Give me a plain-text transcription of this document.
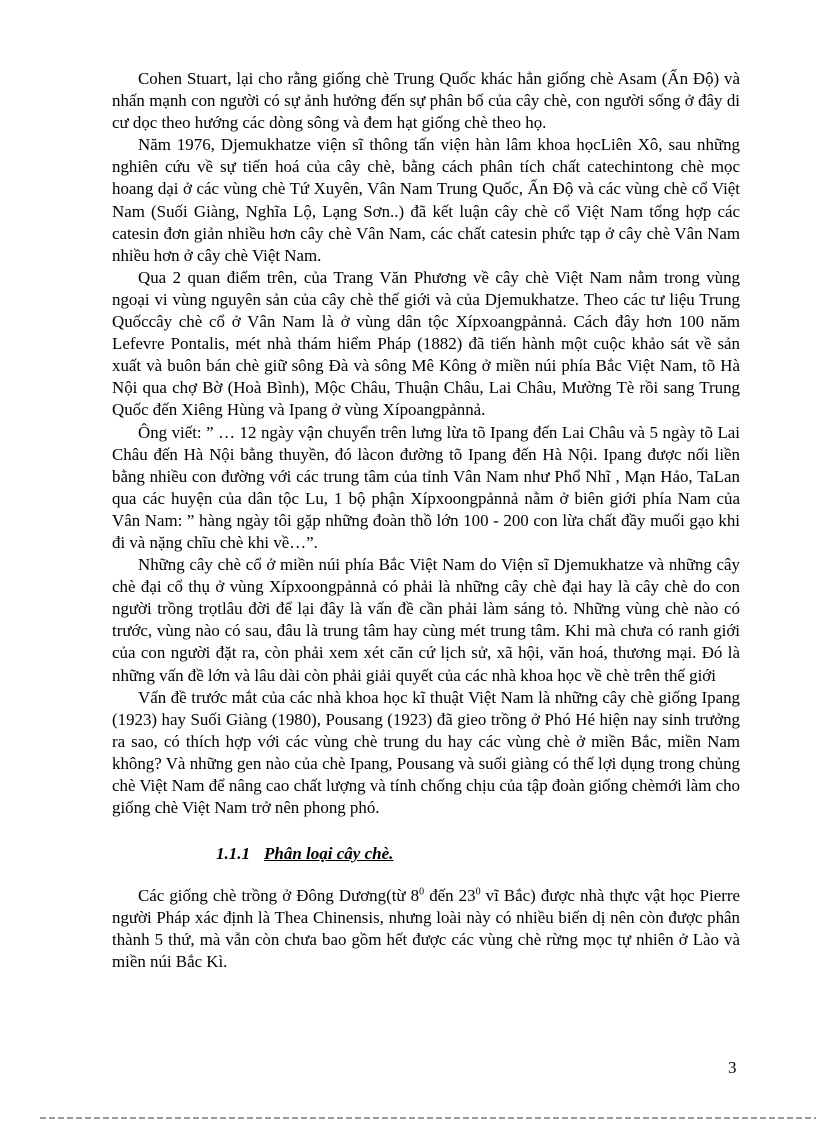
Cohen Stuart, lại cho rằng giống chè Trung Quốc khác hẳn giống chè Asam (Ấn Độ) và nhấn mạnh con người có sự ảnh hưởng đến sự phân bố của cây chè, con người sống ở đây di cư dọc theo hướng các dòng sông và đem hạt giống chè theo họ.

Năm 1976, Djemukhatze viện sĩ thông tấn viện hàn lâm khoa họcLiên Xô, sau những nghiên cứu về sự tiến hoá của cây chè, bằng cách phân tích chất catechintong chè mọc hoang dại ở các vùng chè Tứ Xuyên, Vân Nam Trung Quốc, Ấn Độ và các vùng chè cổ Việt Nam (Suối Giàng, Nghĩa Lộ, Lạng Sơn..) đã kết luận cây chè cổ Việt Nam tổng hợp các catesin đơn giản nhiều hơn cây chè Vân Nam, các chất catesin phức tạp ở cây chè Vân Nam nhiều hơn ở cây chè Việt Nam.

Qua 2 quan điểm trên, của Trang Văn Phương về cây chè Việt Nam nằm trong vùng ngoại vi vùng nguyên sản của cây chè thế giới và của Djemukhatze. Theo các tư liệu Trung Quốccây chè cổ ở Vân Nam là ở vùng dân tộc Xípxoangpảnnả. Cách đây hơn 100 năm Lefevre Pontalis, mét nhà thám hiểm Pháp (1882) đã tiến hành một cuộc khảo sát về sản xuất và buôn bán chè giữ sông Đà và sông Mê Kông ở miền núi phía Bắc Việt Nam, tõ Hà Nội qua chợ Bờ (Hoà Bình), Mộc Châu, Thuận Châu, Lai Châu, Mường Tè rồi sang Trung Quốc đến Xiêng Hùng và Ipang ở vùng Xípoangpảnnả.

Ông viết: ” … 12 ngày vận chuyển trên lưng lừa tõ Ipang đến Lai Châu và 5 ngày tõ Lai Châu đến Hà Nội bằng thuyền, đó làcon đường tõ Ipang đến Hà Nội. Ipang được nối liền bằng nhiều con đường với các trung tâm của tỉnh Vân Nam như Phổ Nhĩ , Mạn Hảo, TaLan qua các huyện của dân tộc Lu, 1 bộ phận Xípxoongpảnnả nằm ở biên giới phía Nam của Vân Nam: ” hàng ngày tôi gặp những đoàn thồ lớn 100 - 200 con lừa chất đầy muối gạo khi đi và nặng chĩu chè khi về…”.

Những cây chè cổ ở miền núi phía Bắc Việt Nam do Viện sĩ Djemukhatze và những cây chè đại cổ thụ ở vùng Xípxoongpảnnả có phải là những cây chè đại hay là cây chè do con người trồng trọtlâu đời để lại đây là vấn đề cần phải làm sáng tỏ. Những vùng chè nào có trước, vùng nào có sau, đâu là trung tâm hay cùng mét trung tâm. Khi mà chưa có ranh giới của con người đặt ra, còn phải xem xét căn cứ lịch sử, xã hội, văn hoá, thương mại. Đó là những vấn đề lớn và lâu dài còn phải giải quyết của các nhà khoa học về chè trên thế giới

Vấn đề trước mắt của các nhà khoa học kĩ thuật Việt Nam là những cây chè giống Ipang (1923) hay Suối Giàng (1980), Pousang (1923) đã gieo trồng ở Phó Hé hiện nay sinh trưởng ra sao, có thích hợp với các vùng chè trung du hay các vùng chè ở miền Bắc, miền Nam không? Và những gen nào của chè Ipang, Pousang và suối giàng có thể lợi dụng trong chủng chè Việt Nam để nâng cao chất lượng và tính chống chịu của tập đoàn giống chèmới làm cho giống chè Việt Nam trở nên phong phó.

1.1.1 Phân loại cây chè.

Các giống chè trồng ở Đông Dương(từ $8^0$ đến $23^0$ vĩ Bắc) được nhà thực vật học Pierre người Pháp xác định là Thea Chinensis, nhưng loài này có nhiều biến dị nên còn được phân thành 5 thứ, mà vẫn còn chưa bao gồm hết được các vùng chè rừng mọc tự nhiên ở Lào và miền núi Bắc Kì.

3
